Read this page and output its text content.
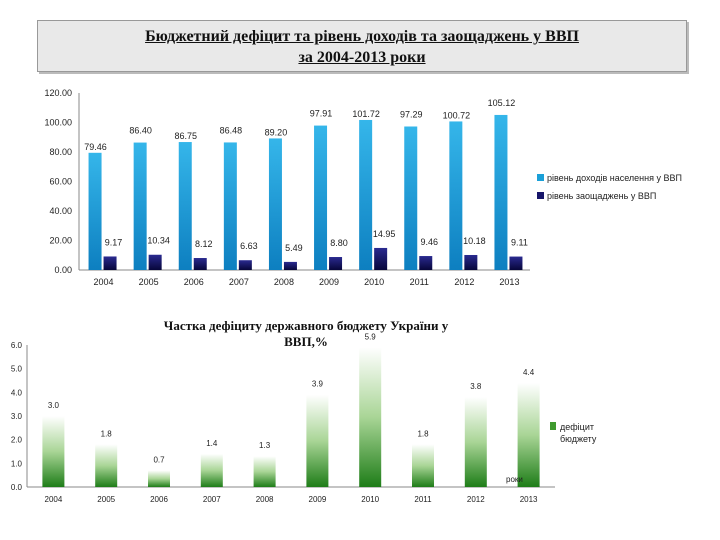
Бюджетний дефіцит та рівень доходів та заощаджень у ВВП
за 2004-2013 роки
0.00
20.00
40.00
60.00
80.00
100.00
120.00
2004
79.46
9.17
2005
86.40
10.34
2006
86.75
8.12
2007
86.48
6.63
2008
89.20
5.49
2009
97.91
8.80
2010
101.72
14.95
2011
97.29
9.46
2012
100.72
10.18
2013
105.12
9.11
рівень доходів населення у ВВП
рівень заощаджень у ВВП
0.0
1.0
2.0
3.0
4.0
5.0
6.0
Частка дефіциту державного бюджету України у
ВВП,%
3.0
2004
1.8
2005
0.7
2006
1.4
2007
1.3
2008
3.9
2009
5.9
2010
1.8
2011
3.8
2012
4.4
2013
дефіцит
бюджету
роки
